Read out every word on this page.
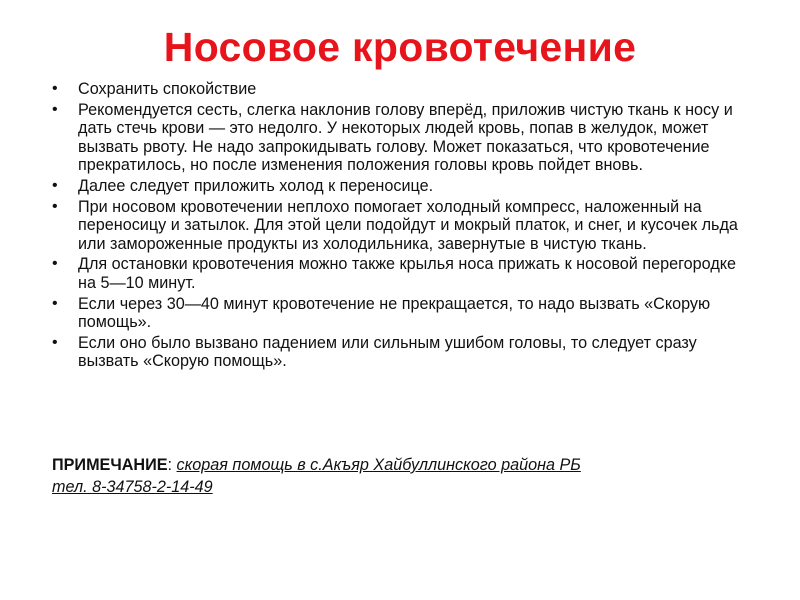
Носовое кровотечение
• Сохранить спокойствие
• Рекомендуется сесть, слегка наклонив голову вперёд, приложив чистую ткань к носу и дать стечь крови — это недолго. У некоторых людей кровь, попав в желудок, может вызвать рвоту. Не надо запрокидывать голову. Может показаться, что кровотечение прекратилось, но после изменения положения головы кровь пойдет вновь.
• Далее следует приложить холод к переносице.
• При носовом кровотечении неплохо помогает холодный компресс, наложенный на переносицу и затылок. Для этой цели подойдут и мокрый платок, и снег, и кусочек льда или замороженные продукты из холодильника, завернутые в чистую ткань.
• Для остановки кровотечения можно также крылья носа прижать к носовой перегородке на 5—10 минут.
• Если через 30—40 минут кровотечение не прекращается, то надо вызвать «Скорую помощь».
• Если оно было вызвано падением или сильным ушибом головы, то следует сразу вызвать «Скорую помощь».
ПРИМЕЧАНИЕ: скорая помощь в с.Акъяр Хайбуллинского района РБ
тел. 8-34758-2-14-49
